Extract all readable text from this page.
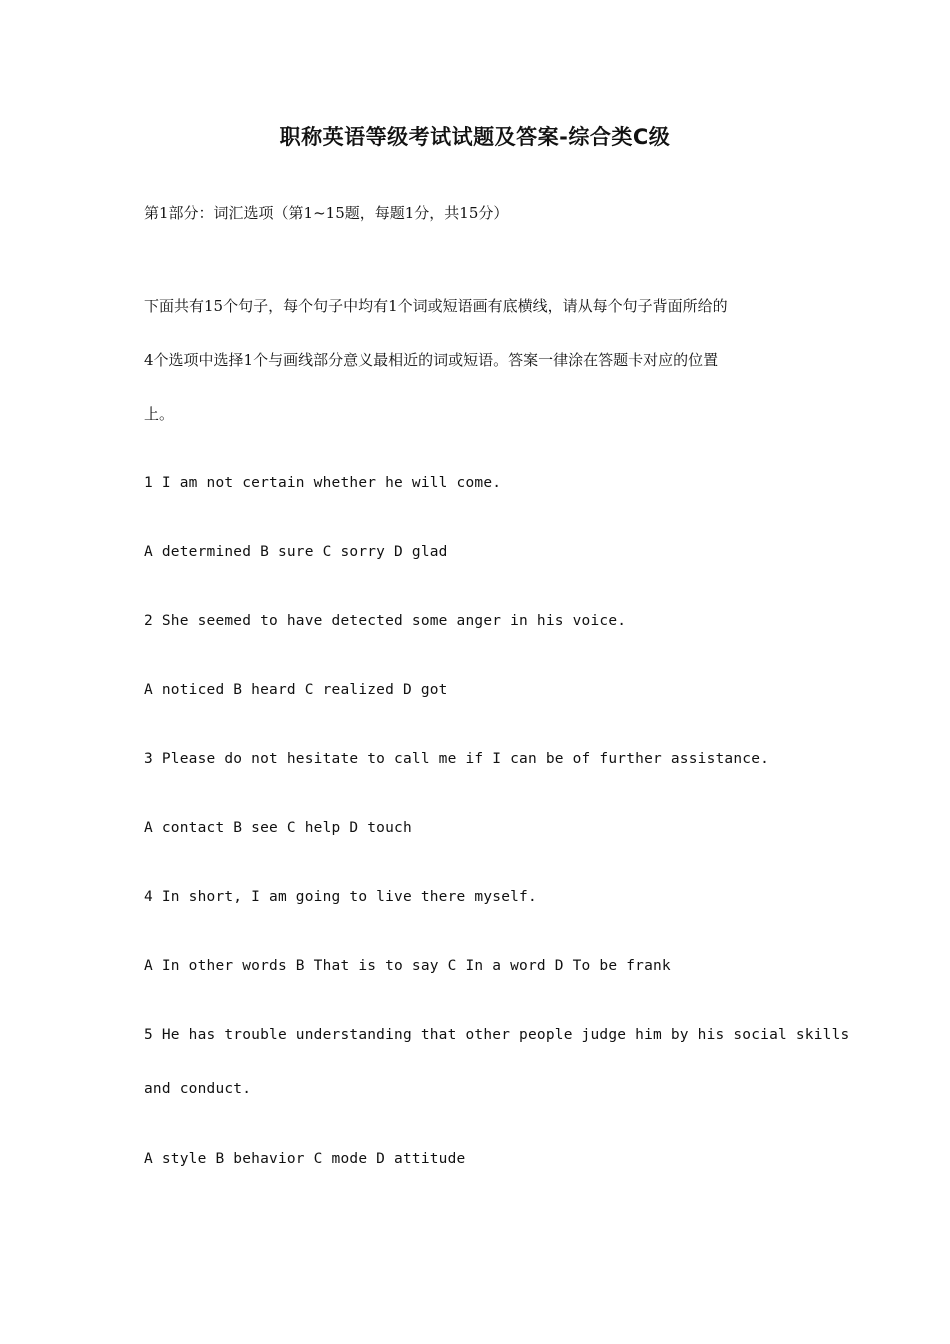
职称英语等级考试试题及答案-综合类C级
第1部分：词汇选项（第1~15题，每题1分，共15分）
下面共有15个句子，每个句子中均有1个词或短语画有底横线，请从每个句子背面所给的
4个选项中选择1个与画线部分意义最相近的词或短语。答案一律涂在答题卡对应的位置
上。
1 I am not certain whether he will come.
A determined B sure C sorry D glad
2 She seemed to have detected some anger in his voice.
A noticed B heard C realized D got
3 Please do not hesitate to call me if I can be of further assistance.
A contact B see C help D touch
4 In short, I am going to live there myself.
A In other words B That is to say C In a word D To be frank
5 He has trouble understanding that other people judge him by his social skills
and conduct.
A style B behavior C mode D attitude
